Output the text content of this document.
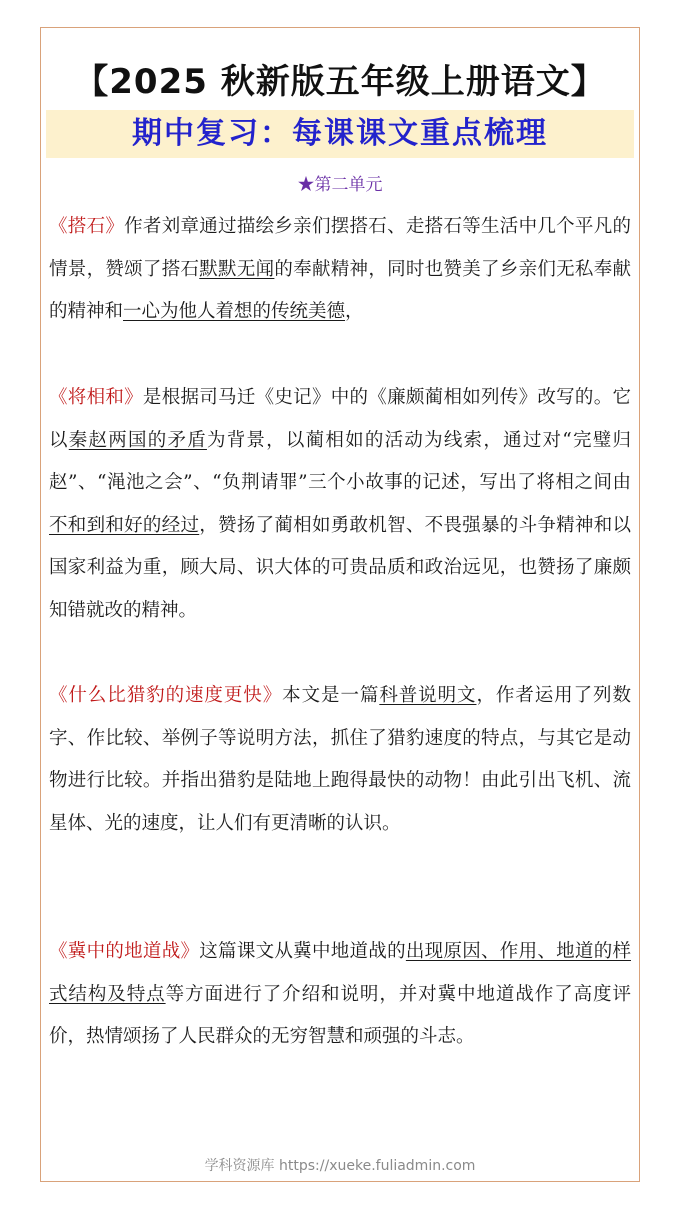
【2025 秋新版五年级上册语文】
期中复习：每课课文重点梳理
★第二单元

《搭石》作者刘章通过描绘乡亲们摆搭石、走搭石等生活中几个平凡的情景，赞颂了搭石默默无闻的奉献精神，同时也赞美了乡亲们无私奉献的精神和一心为他人着想的传统美德，

《将相和》是根据司马迁《史记》中的《廉颇蔺相如列传》改写的。它以秦赵两国的矛盾为背景，以蔺相如的活动为线索，通过对“完璧归赵”、“渑池之会”、“负荆请罪”三个小故事的记述，写出了将相之间由不和到和好的经过，赞扬了蔺相如勇敢机智、不畏强暴的斗争精神和以国家利益为重，顾大局、识大体的可贵品质和政治远见，也赞扬了廉颇知错就改的精神。

《什么比猎豹的速度更快》本文是一篇科普说明文，作者运用了列数字、作比较、举例子等说明方法，抓住了猎豹速度的特点，与其它是动物进行比较。并指出猎豹是陆地上跑得最快的动物！由此引出飞机、流星体、光的速度，让人们有更清晰的认识。

《冀中的地道战》这篇课文从冀中地道战的出现原因、作用、地道的样式结构及特点等方面进行了介绍和说明，并对冀中地道战作了高度评价，热情颂扬了人民群众的无穷智慧和顽强的斗志。

学科资源库 https://xueke.fuliadmin.com
